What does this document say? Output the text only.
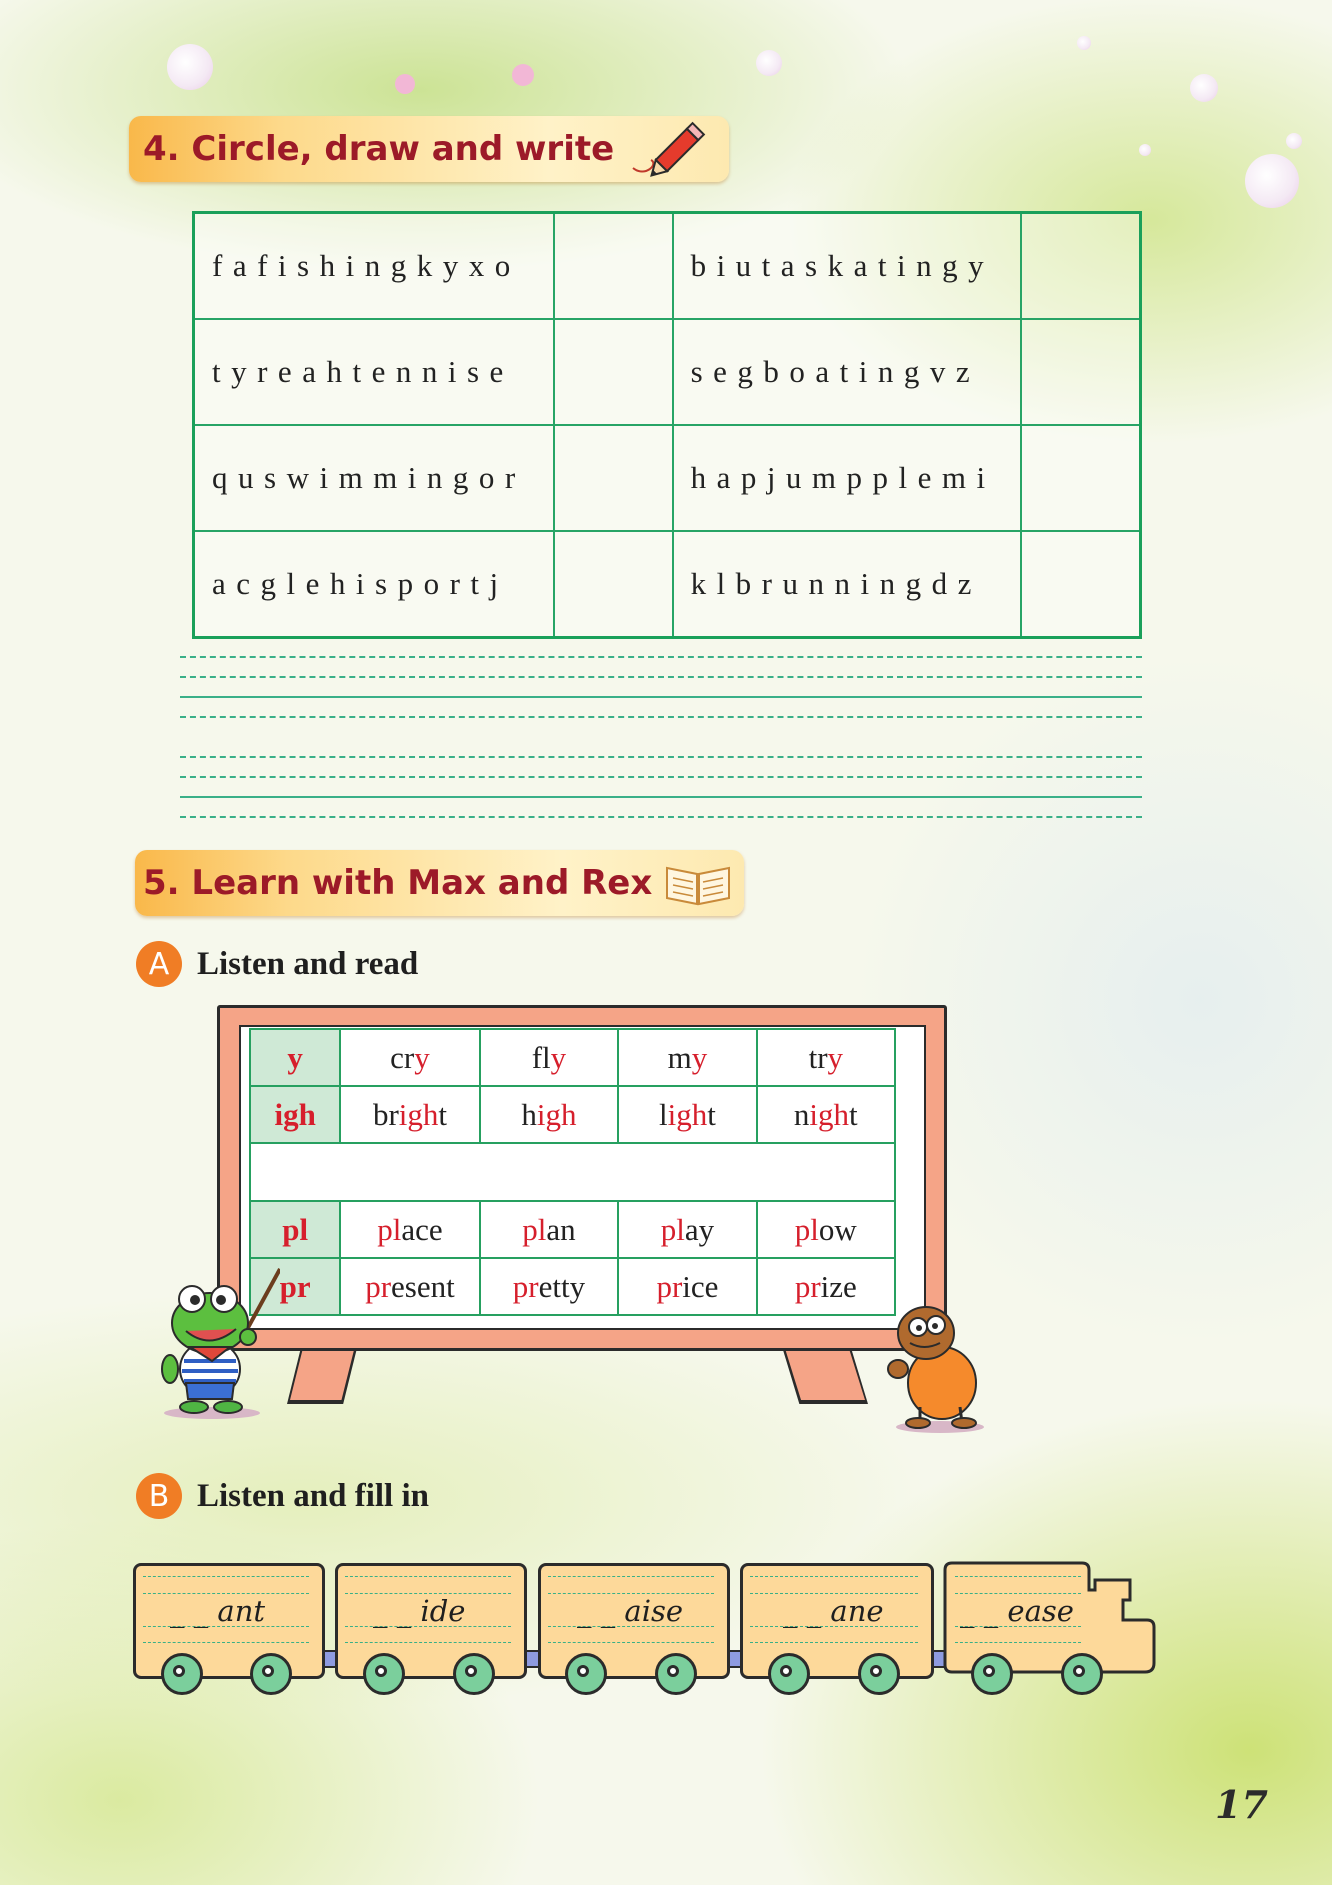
4. Circle, draw and write
fafishingkyxo		biutaskatingy	
tyreahtennise		segboatingvz	
quswimmingor		hapjumpplemi	
acglehisportj		klbrunningdz	
5. Learn with Max and Rex
A Listen and read
y	cry	fly	my	try
igh	bright	high	light	night

pl	place	plan	play	plow
pr	present	pretty	price	prize
B Listen and fill in
_ _ ant	_ _ ide	_ _ aise	_ _ ane	_ _ ease
17
